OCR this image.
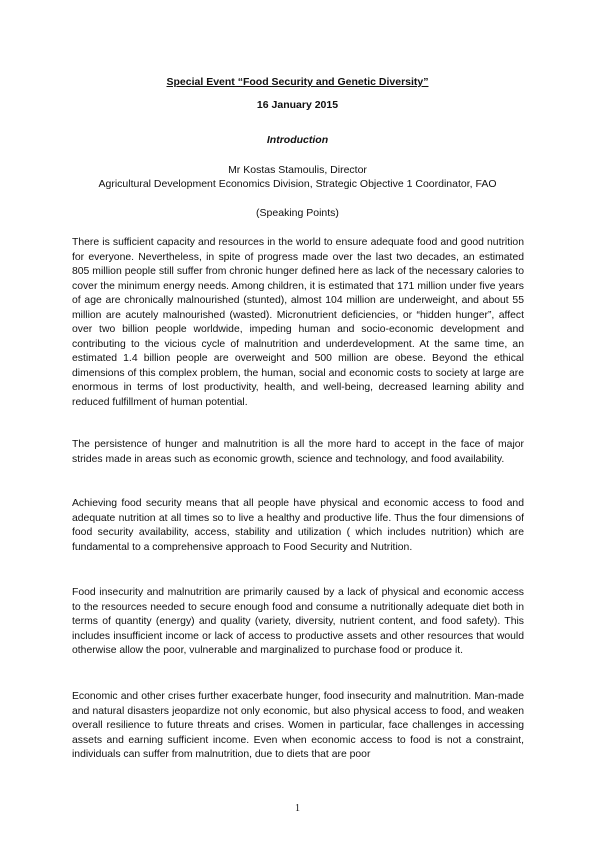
Special Event “Food Security and Genetic Diversity”
16 January 2015
Introduction
Mr Kostas Stamoulis, Director
Agricultural Development Economics Division, Strategic Objective 1 Coordinator, FAO
(Speaking Points)

There is sufficient capacity and resources in the world to ensure adequate food and good nutrition for everyone. Nevertheless, in spite of progress made over the last two decades, an estimated 805 million people still suffer from chronic hunger defined here as lack of the necessary calories to cover the minimum energy needs. Among children, it is estimated that 171 million under five years of age are chronically malnourished (stunted), almost 104 million are underweight, and about 55 million are acutely malnourished (wasted). Micronutrient deficiencies, or “hidden hunger”, affect over two billion people worldwide, impeding human and socio-economic development and contributing to the vicious cycle of malnutrition and underdevelopment. At the same time, an estimated 1.4 billion people are overweight and 500 million are obese. Beyond the ethical dimensions of this complex problem, the human, social and economic costs to society at large are enormous in terms of lost productivity, health, and well-being, decreased learning ability and reduced fulfillment of human potential.

The persistence of hunger and malnutrition is all the more hard to accept in the face of major strides made in areas such as economic growth, science and technology, and food availability.

Achieving food security means that all people have physical and economic access to food and adequate nutrition at all times so to live a healthy and productive life. Thus the four dimensions of food security availability, access, stability and utilization ( which includes nutrition) which are fundamental to a comprehensive approach to Food Security and Nutrition.

Food insecurity and malnutrition are primarily caused by a lack of physical and economic access to the resources needed to secure enough food and consume a nutritionally adequate diet both in terms of quantity (energy) and quality (variety, diversity, nutrient content, and food safety). This includes insufficient income or lack of access to productive assets and other resources that would otherwise allow the poor, vulnerable and marginalized to purchase food or produce it.

Economic and other crises further exacerbate hunger, food insecurity and malnutrition. Man-made and natural disasters jeopardize not only economic, but also physical access to food, and weaken overall resilience to future threats and crises. Women in particular, face challenges in accessing assets and earning sufficient income. Even when economic access to food is not a constraint, individuals can suffer from malnutrition, due to diets that are poor

1
